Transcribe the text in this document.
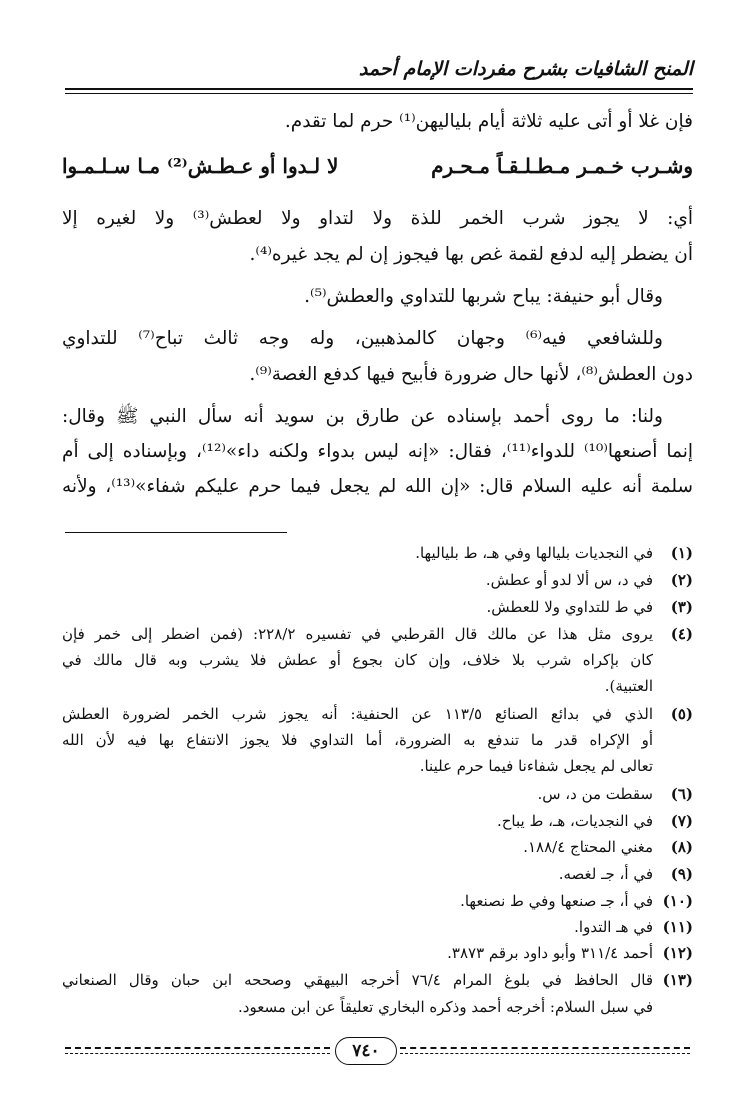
المنح الشافيات بشرح مفردات الإمام أحمد
فإن غلا أو أتى عليه ثلاثة أيام بلياليهن⁽¹⁾ حرم لما تقدم.
وشـرب خـمـر مـطـلـقـاً مـحـرم
لا لـدوا أو عـطـش⁽²⁾ مـا سـلـمـوا
أي: لا يجوز شرب الخمر للذة ولا لتداو ولا لعطش⁽³⁾ ولا لغيره إلا
أن يضطر إليه لدفع لقمة غص بها فيجوز إن لم يجد غيره⁽⁴⁾.
وقال أبو حنيفة: يباح شربها للتداوي والعطش⁽⁵⁾.
وللشافعي فيه⁽⁶⁾ وجهان كالمذهبين، وله وجه ثالث تباح⁽⁷⁾ للتداوي
دون العطش⁽⁸⁾، لأنها حال ضرورة فأبيح فيها كدفع الغصة⁽⁹⁾.
ولنا: ما روى أحمد بإسناده عن طارق بن سويد أنه سأل النبي ﷺ وقال:
إنما أصنعها⁽¹⁰⁾ للدواء⁽¹¹⁾، فقال: «إنه ليس بدواء ولكنه داء»⁽¹²⁾، وبإسناده إلى أم
سلمة أنه عليه السلام قال: «إن الله لم يجعل فيما حرم عليكم شفاء»⁽¹³⁾، ولأنه
(١)
في النجديات بليالها وفي هـ، ط بلياليها.
(٢)
في د، س ألا لدو أو عطش.
(٣)
في ط للتداوي ولا للعطش.
(٤)
يروى مثل هذا عن مالك قال القرطبي في تفسيره ٢٢٨/٢: (فمن اضطر إلى خمر فإن
كان بإكراه شرب بلا خلاف، وإن كان بجوع أو عطش فلا يشرب وبه قال مالك في
العتبية).
(٥)
الذي في بدائع الصنائع ١١٣/٥ عن الحنفية: أنه يجوز شرب الخمر لضرورة العطش
أو الإكراه قدر ما تندفع به الضرورة، أما التداوي فلا يجوز الانتفاع بها فيه لأن الله
تعالى لم يجعل شفاءنا فيما حرم علينا.
(٦)
سقطت من د، س.
(٧)
في النجديات، هـ، ط يباح.
(٨)
مغني المحتاج ١٨٨/٤.
(٩)
في أ، جـ لغصه.
(١٠)
في أ، جـ صنعها وفي ط نصنعها.
(١١)
في هـ التدوا.
(١٢)
أحمد ٣١١/٤ وأبو داود برقم ٣٨٧٣.
(١٣)
قال الحافظ في بلوغ المرام ٧٦/٤ أخرجه البيهقي وصححه ابن حبان وقال الصنعاني
في سبل السلام: أخرجه أحمد وذكره البخاري تعليقاً عن ابن مسعود.
٧٤٠
